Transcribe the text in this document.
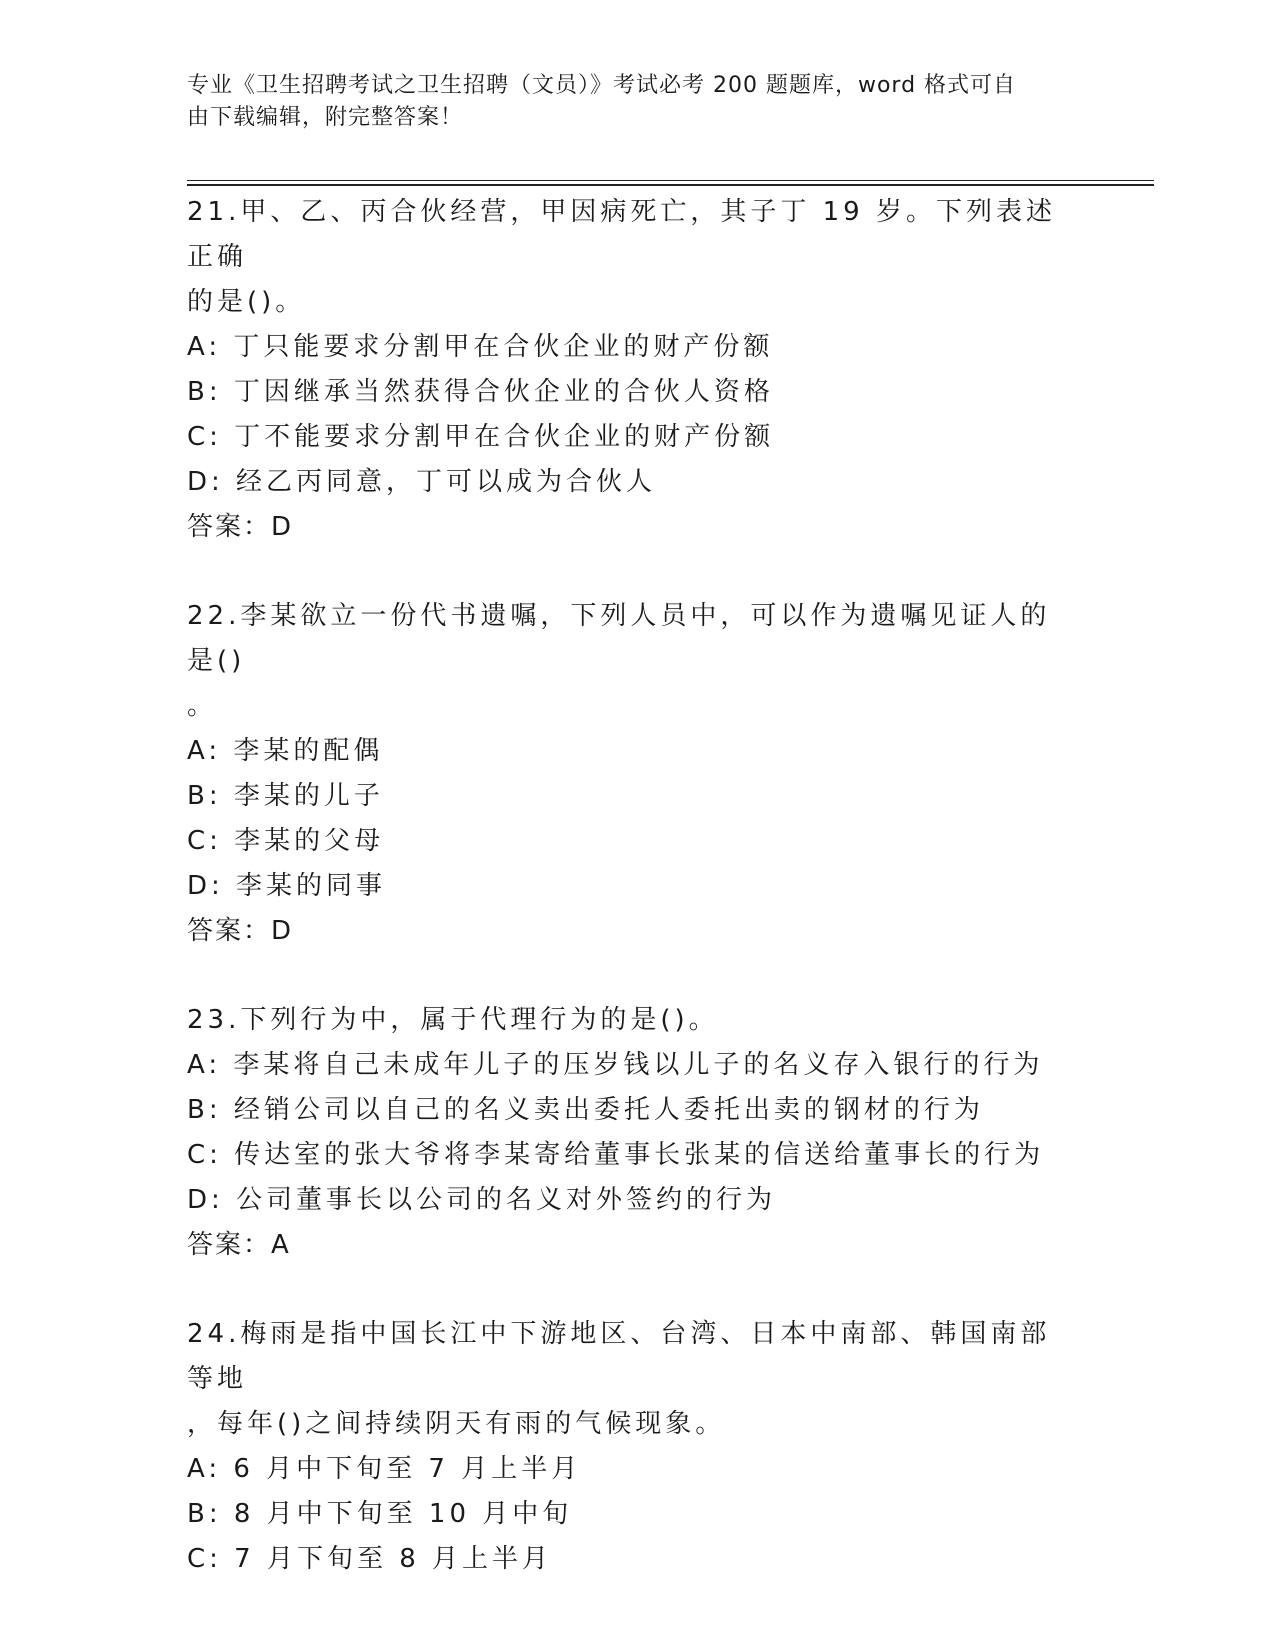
专业《卫生招聘考试之卫生招聘（文员）》考试必考 200 题题库，word 格式可自
由下载编辑，附完整答案！

21.甲、乙、丙合伙经营，甲因病死亡，其子丁 19 岁。下列表述正确

的是()。

A: 丁只能要求分割甲在合伙企业的财产份额

B: 丁因继承当然获得合伙企业的合伙人资格

C: 丁不能要求分割甲在合伙企业的财产份额

D: 经乙丙同意，丁可以成为合伙人

答案：D

22.李某欲立一份代书遗嘱，下列人员中，可以作为遗嘱见证人的是()

。

A: 李某的配偶

B: 李某的儿子

C: 李某的父母

D: 李某的同事

答案：D

23.下列行为中，属于代理行为的是()。

A: 李某将自己未成年儿子的压岁钱以儿子的名义存入银行的行为

B: 经销公司以自己的名义卖出委托人委托出卖的钢材的行为

C: 传达室的张大爷将李某寄给董事长张某的信送给董事长的行为

D: 公司董事长以公司的名义对外签约的行为

答案：A

24.梅雨是指中国长江中下游地区、台湾、日本中南部、韩国南部等地

，每年()之间持续阴天有雨的气候现象。

A: 6 月中下旬至 7 月上半月

B: 8 月中下旬至 10 月中旬

C: 7 月下旬至 8 月上半月
